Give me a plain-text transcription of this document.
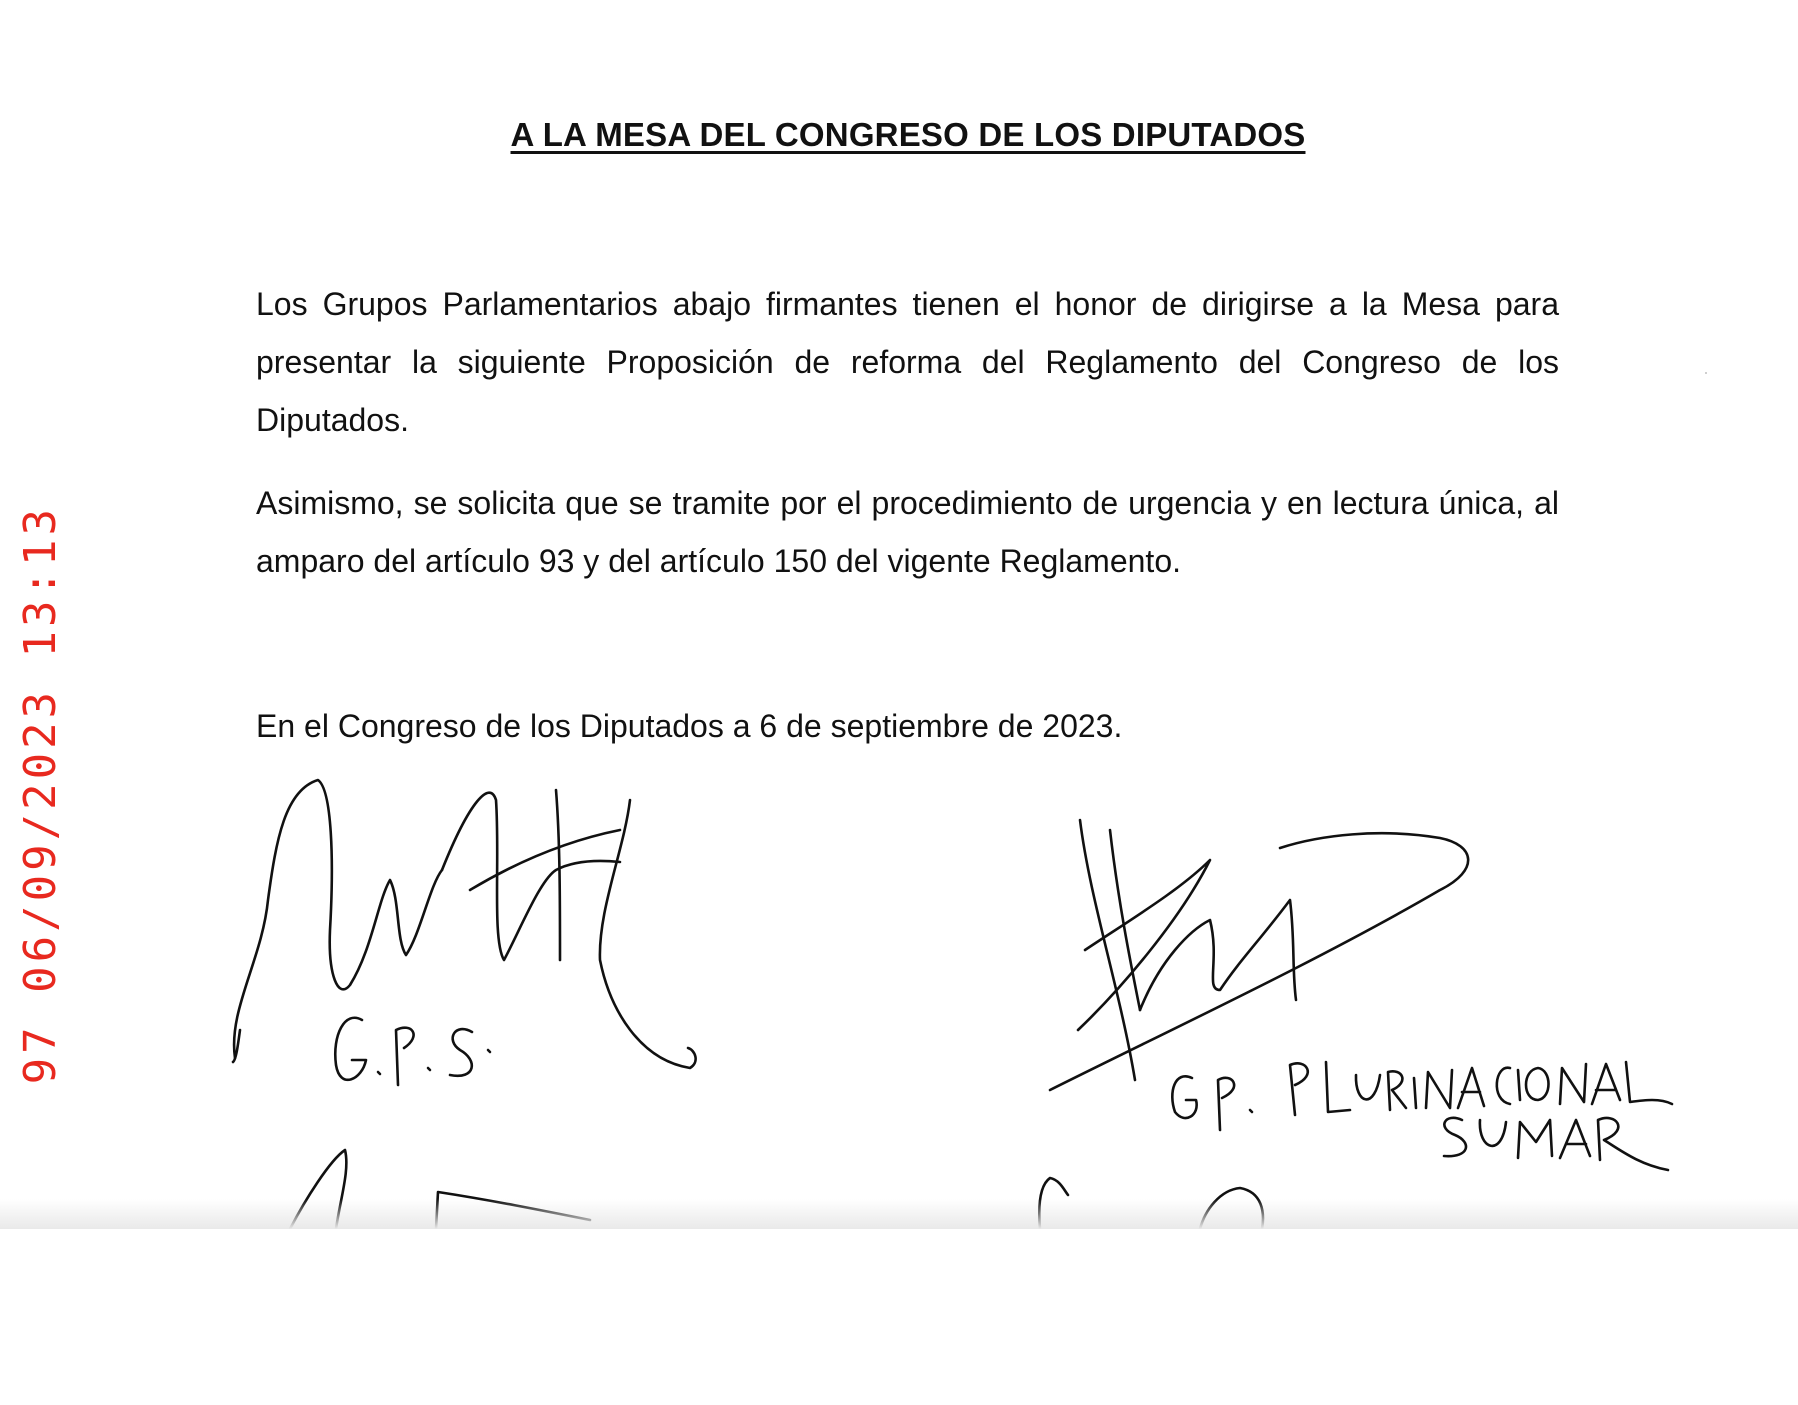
A LA MESA DEL CONGRESO DE LOS DIPUTADOS

Los Grupos Parlamentarios abajo firmantes tienen el honor de dirigirse a la Mesa para presentar la siguiente Proposición de reforma del Reglamento del Congreso de los Diputados.

Asimismo, se solicita que se tramite por el procedimiento de urgencia y en lectura única, al amparo del artículo 93 y del artículo 150 del vigente Reglamento.

En el Congreso de los Diputados a 6 de septiembre de 2023.

97 06/09/2023 13:13
